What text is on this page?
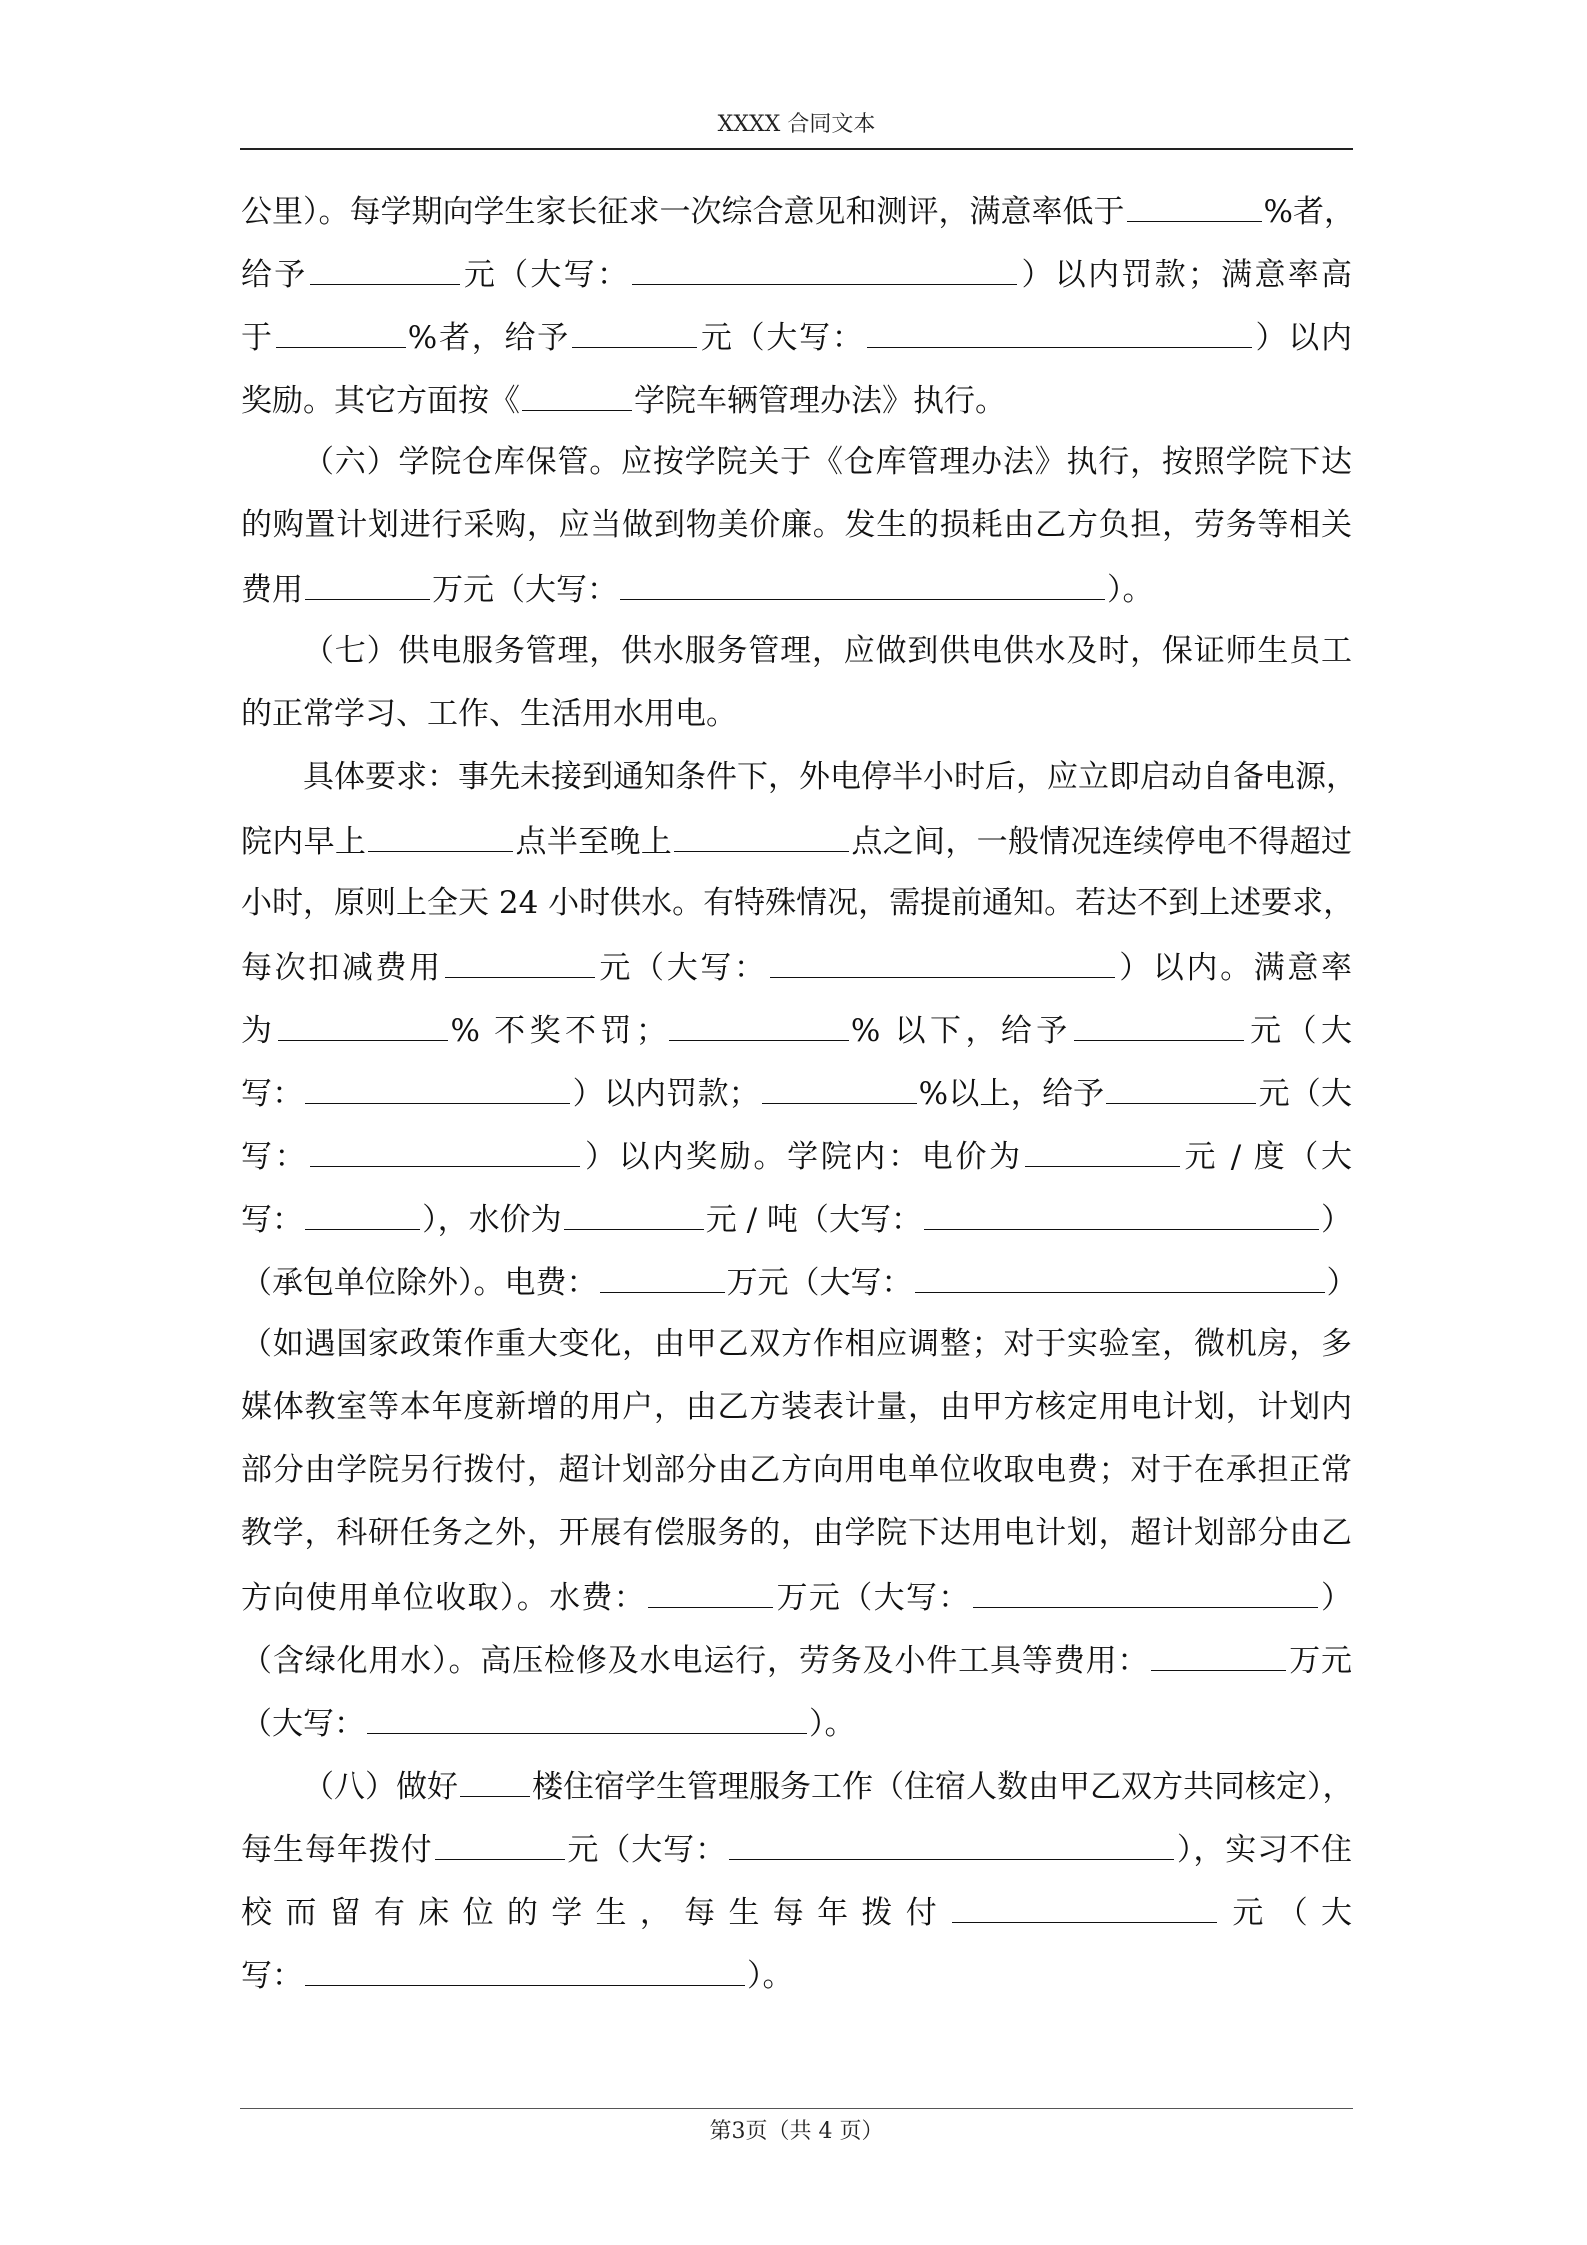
XXXX 合同文本
公里）。每学期向学生家长征求一次综合意见和测评，满意率低于	%者，
给予	元（大写：	）以内罚款；满意率高
于	%者，给予	元（大写：	）以内
奖励。其它方面按《	学院车辆管理办法》执行。
（六）学院仓库保管。应按学院关于《仓库管理办法》执行，按照学院下达
的购置计划进行采购，应当做到物美价廉。发生的损耗由乙方负担，劳务等相关
费用	万元（大写：	）。
（七）供电服务管理，供水服务管理，应做到供电供水及时，保证师生员工
的正常学习、工作、生活用水用电。
具体要求：事先未接到通知条件下，外电停半小时后，应立即启动自备电源，
院内早上	点半至晚上	点之间，一般情况连续停电不得超过
小时，原则上全天 24 小时供水。有特殊情况，需提前通知。若达不到上述要求，
每次扣减费用	元（大写：	）以内。满意率
为	% 不奖不罚；	% 以下，给予	元（大
写：	）以内罚款；	%以上，给予	元（大
写：	）以内奖励。学院内：电价为	元 / 度（大
写：	），水价为	元 / 吨（大写：	）
（承包单位除外）。电费：	万元（大写：	）
（如遇国家政策作重大变化，由甲乙双方作相应调整；对于实验室，微机房，多
媒体教室等本年度新增的用户，由乙方装表计量，由甲方核定用电计划，计划内
部分由学院另行拨付，超计划部分由乙方向用电单位收取电费；对于在承担正常
教学，科研任务之外，开展有偿服务的，由学院下达用电计划，超计划部分由乙
方向使用单位收取）。水费：	万元（大写：	）
（含绿化用水）。高压检修及水电运行，劳务及小件工具等费用：	万元
（大写：	）。
（八）做好 楼住宿学生管理服务工作（住宿人数由甲乙双方共同核定），
每生每年拨付	元（大写：	），实习不住
校而留有床位的学生，每生每年拨付	元（大
写：	）。
第3页（共 4 页）
